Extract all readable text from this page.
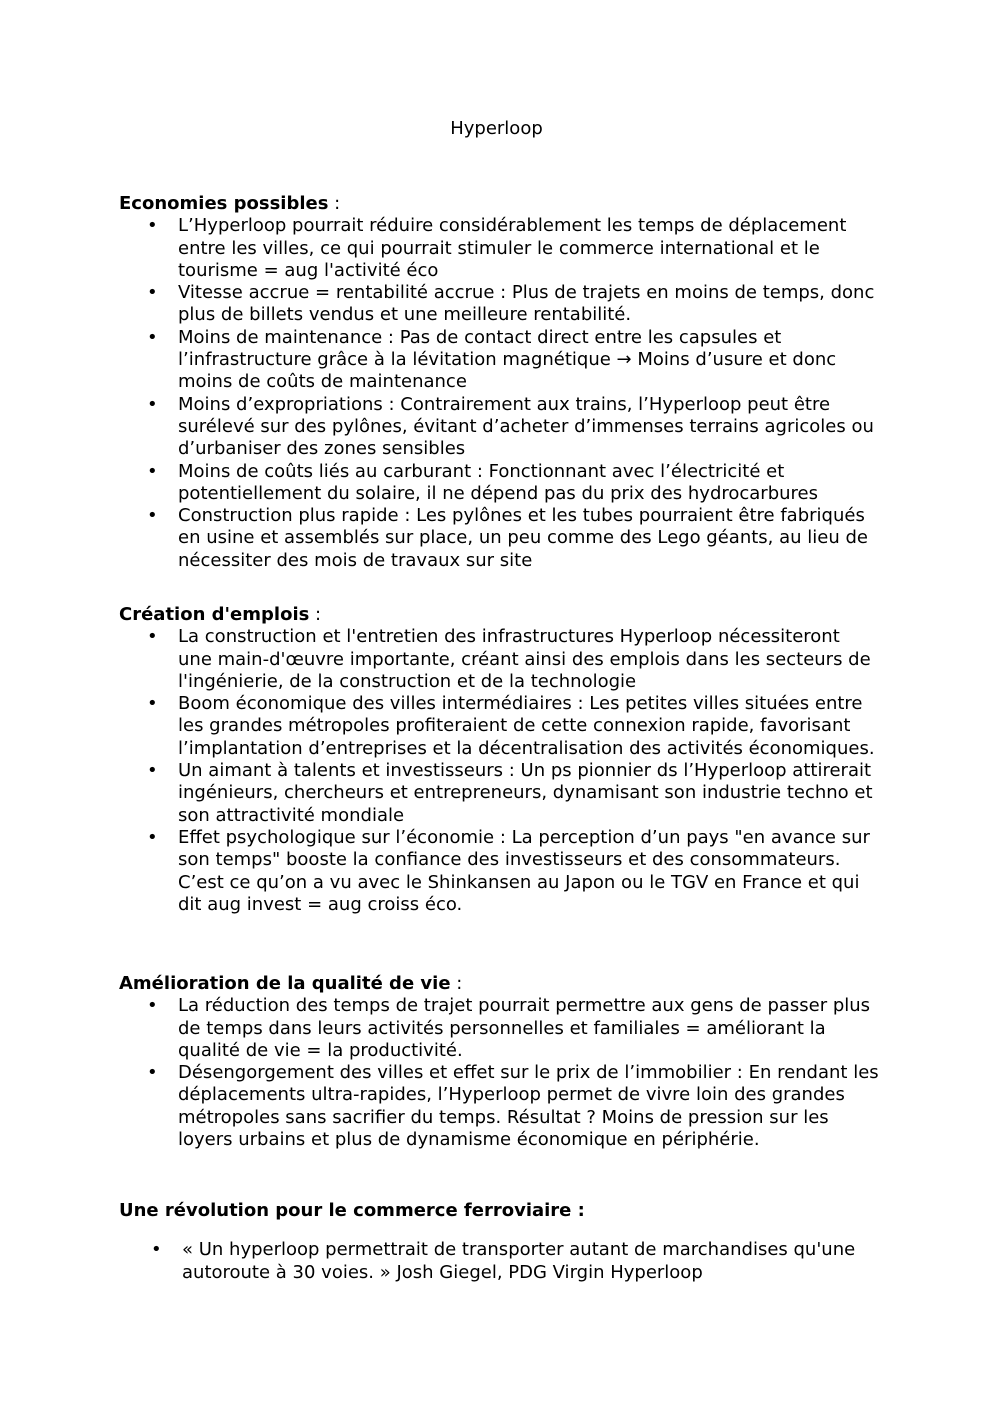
Hyperloop

Economies possibles :

• L’Hyperloop pourrait réduire considérablement les temps de déplacement entre les villes, ce qui pourrait stimuler le commerce international et le tourisme = aug l'activité éco
• Vitesse accrue = rentabilité accrue : Plus de trajets en moins de temps, donc plus de billets vendus et une meilleure rentabilité.
• Moins de maintenance : Pas de contact direct entre les capsules et l’infrastructure grâce à la lévitation magnétique → Moins d’usure et donc moins de coûts de maintenance
• Moins d’expropriations : Contrairement aux trains, l’Hyperloop peut être surélevé sur des pylônes, évitant d’acheter d’immenses terrains agricoles ou d’urbaniser des zones sensibles
• Moins de coûts liés au carburant : Fonctionnant avec l’électricité et potentiellement du solaire, il ne dépend pas du prix des hydrocarbures
• Construction plus rapide : Les pylônes et les tubes pourraient être fabriqués en usine et assemblés sur place, un peu comme des Lego géants, au lieu de nécessiter des mois de travaux sur site

Création d'emplois :

• La construction et l'entretien des infrastructures Hyperloop nécessiteront une main-d'œuvre importante, créant ainsi des emplois dans les secteurs de l'ingénierie, de la construction et de la technologie
• Boom économique des villes intermédiaires : Les petites villes situées entre les grandes métropoles profiteraient de cette connexion rapide, favorisant l’implantation d’entreprises et la décentralisation des activités économiques.
• Un aimant à talents et investisseurs : Un ps pionnier ds l’Hyperloop attirerait ingénieurs, chercheurs et entrepreneurs, dynamisant son industrie techno et son attractivité mondiale
• Effet psychologique sur l’économie : La perception d’un pays "en avance sur son temps" booste la confiance des investisseurs et des consommateurs. C’est ce qu’on a vu avec le Shinkansen au Japon ou le TGV en France et qui dit aug invest = aug croiss éco.

Amélioration de la qualité de vie :

• La réduction des temps de trajet pourrait permettre aux gens de passer plus de temps dans leurs activités personnelles et familiales = améliorant la qualité de vie = la productivité.
• Désengorgement des villes et effet sur le prix de l’immobilier : En rendant les déplacements ultra-rapides, l’Hyperloop permet de vivre loin des grandes métropoles sans sacrifier du temps. Résultat ? Moins de pression sur les loyers urbains et plus de dynamisme économique en périphérie.

Une révolution pour le commerce ferroviaire :

• « Un hyperloop permettrait de transporter autant de marchandises qu'une autoroute à 30 voies. » Josh Giegel, PDG Virgin Hyperloop
